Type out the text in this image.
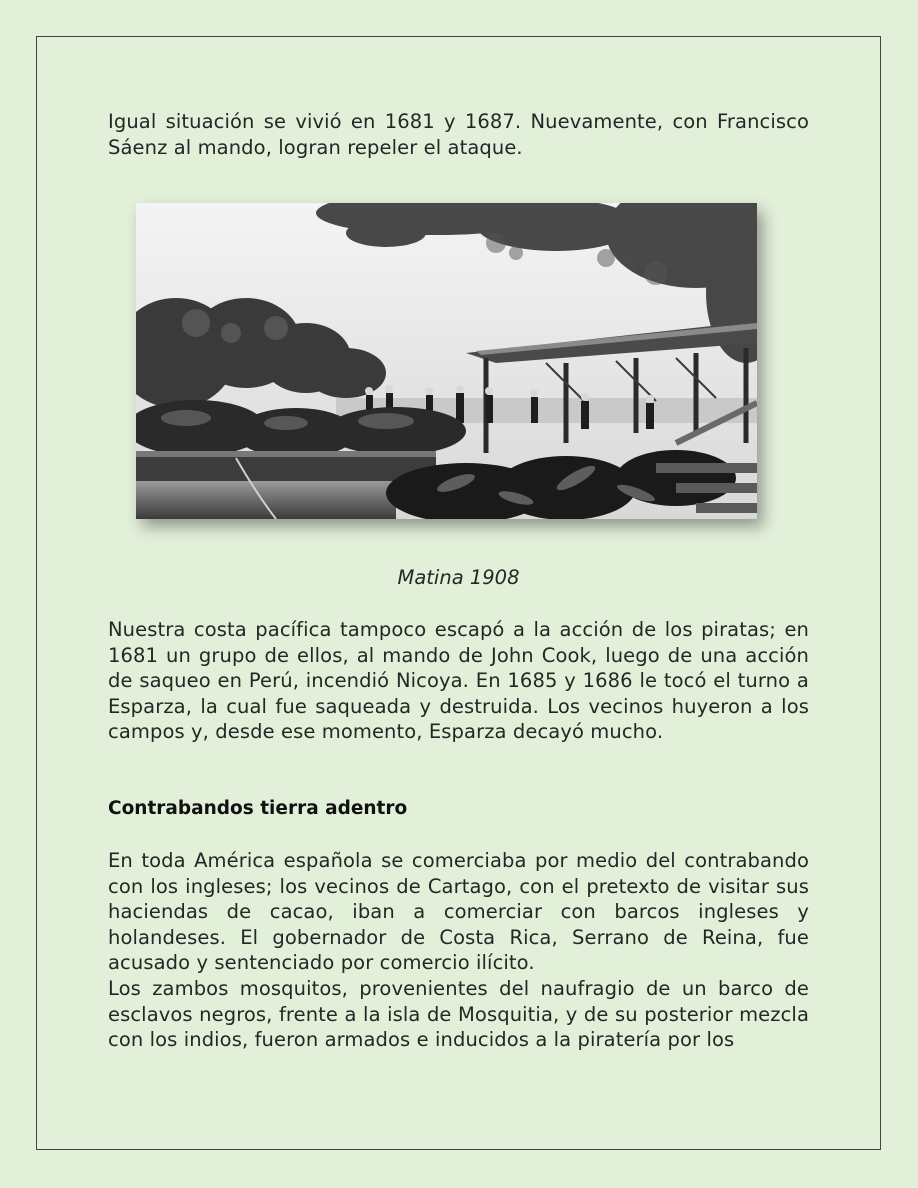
Igual situación se vivió en 1681 y 1687. Nuevamente, con Francisco Sáenz al mando, logran repeler el ataque.

Matina 1908

Nuestra costa pacífica tampoco escapó a la acción de los piratas; en 1681 un grupo de ellos, al mando de John Cook, luego de una acción de saqueo en Perú, incendió Nicoya. En 1685 y 1686 le tocó el turno a Esparza, la cual fue saqueada y destruida. Los vecinos huyeron a los campos y, desde ese momento, Esparza decayó mucho.

Contrabandos tierra adentro

En toda América española se comerciaba por medio del contrabando con los ingleses; los vecinos de Cartago, con el pretexto de visitar sus haciendas de cacao, iban a comerciar con barcos ingleses y holandeses. El gobernador de Costa Rica, Serrano de Reina, fue acusado y sentenciado por comercio ilícito.

Los zambos mosquitos, provenientes del naufragio de un barco de esclavos negros, frente a la isla de Mosquitia, y de su posterior mezcla con los indios, fueron armados e inducidos a la piratería por los
